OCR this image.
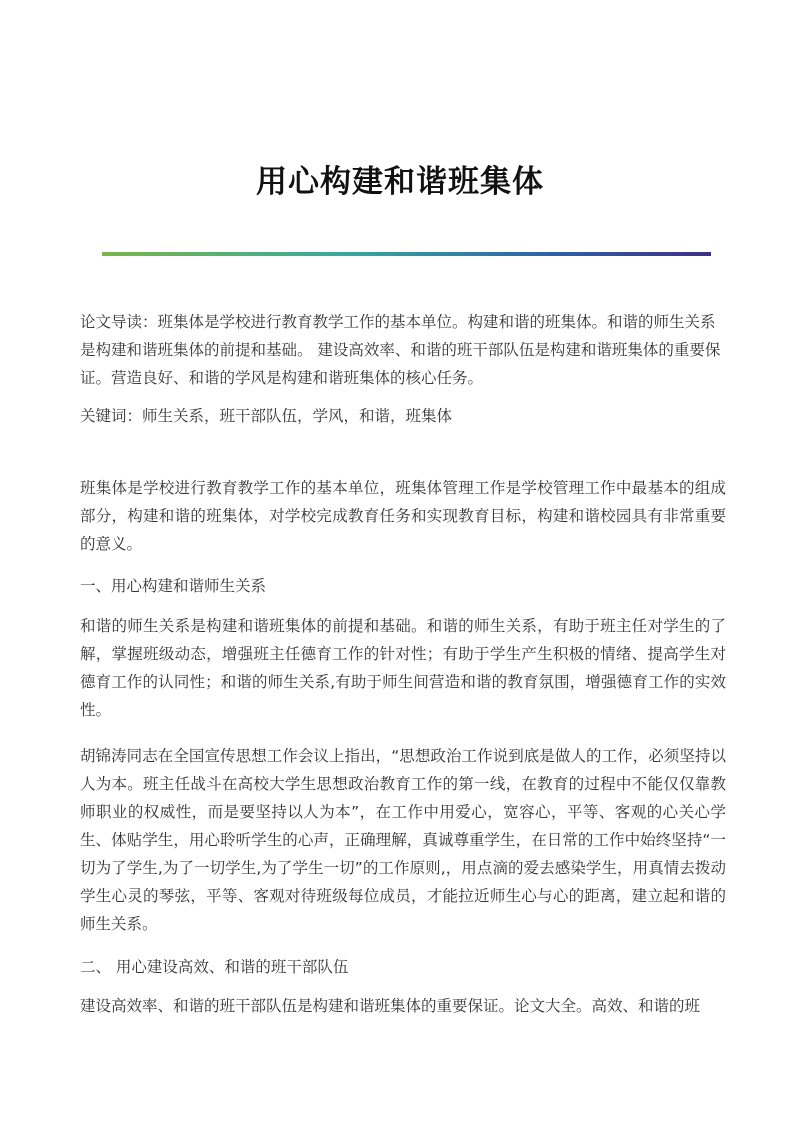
用心构建和谐班集体

论文导读：班集体是学校进行教育教学工作的基本单位。构建和谐的班集体。和谐的师生关系是构建和谐班集体的前提和基础。 建设高效率、和谐的班干部队伍是构建和谐班集体的重要保证。营造良好、和谐的学风是构建和谐班集体的核心任务。

关键词：师生关系，班干部队伍，学风，和谐，班集体

班集体是学校进行教育教学工作的基本单位，班集体管理工作是学校管理工作中最基本的组成部分，构建和谐的班集体，对学校完成教育任务和实现教育目标，构建和谐校园具有非常重要的意义。

一、用心构建和谐师生关系

和谐的师生关系是构建和谐班集体的前提和基础。和谐的师生关系，有助于班主任对学生的了解，掌握班级动态，增强班主任德育工作的针对性；有助于学生产生积极的情绪、提高学生对德育工作的认同性；和谐的师生关系,有助于师生间营造和谐的教育氛围，增强德育工作的实效性。

胡锦涛同志在全国宣传思想工作会议上指出，“思想政治工作说到底是做人的工作，必须坚持以人为本。班主任战斗在高校大学生思想政治教育工作的第一线，在教育的过程中不能仅仅靠教师职业的权威性，而是要坚持以人为本”，在工作中用爱心，宽容心，平等、客观的心关心学生、体贴学生，用心聆听学生的心声，正确理解，真诚尊重学生，在日常的工作中始终坚持“一切为了学生,为了一切学生,为了学生一切”的工作原则,，用点滴的爱去感染学生，用真情去拨动学生心灵的琴弦，平等、客观对待班级每位成员，才能拉近师生心与心的距离，建立起和谐的师生关系。

二、 用心建设高效、和谐的班干部队伍

建设高效率、和谐的班干部队伍是构建和谐班集体的重要保证。论文大全。高效、和谐的班
